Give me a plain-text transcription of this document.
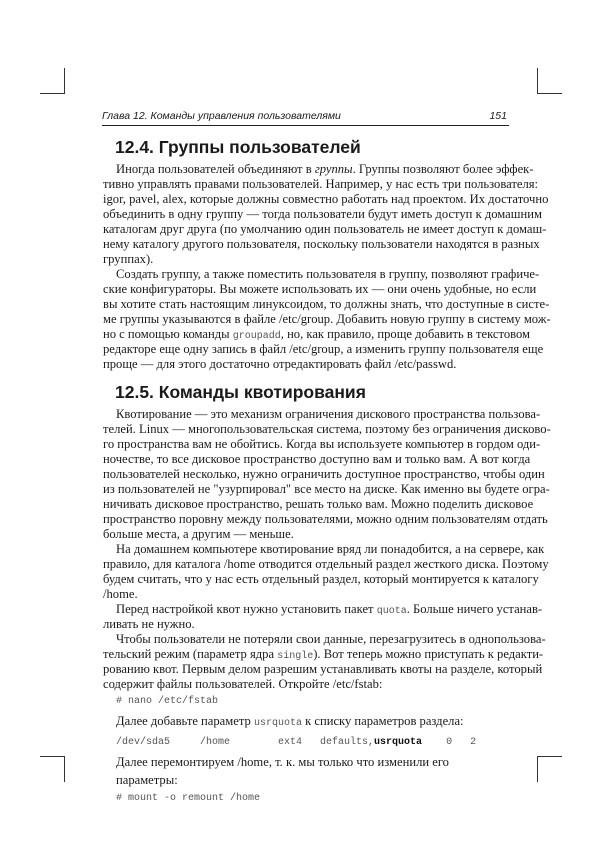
Глава 12. Команды управления пользователями	151
12.4. Группы пользователей
Иногда пользователей объединяют в группы. Группы позволяют более эффек-
тивно управлять правами пользователей. Например, у нас есть три пользователя:
igor, pavel, alex, которые должны совместно работать над проектом. Их достаточно
объединить в одну группу — тогда пользователи будут иметь доступ к домашним
каталогам друг друга (по умолчанию один пользователь не имеет доступ к домаш-
нему каталогу другого пользователя, поскольку пользователи находятся в разных
группах).
Создать группу, а также поместить пользователя в группу, позволяют графиче-
ские конфигураторы. Вы можете использовать их — они очень удобные, но если
вы хотите стать настоящим линуксоидом, то должны знать, что доступные в систе-
ме группы указываются в файле /etc/group. Добавить новую группу в систему мож-
но с помощью команды groupadd, но, как правило, проще добавить в текстовом
редакторе еще одну запись в файл /etc/group, а изменить группу пользователя еще
проще — для этого достаточно отредактировать файл /etc/passwd.
12.5. Команды квотирования
Квотирование — это механизм ограничения дискового пространства пользова-
телей. Linux — многопользовательская система, поэтому без ограничения дисково-
го пространства вам не обойтись. Когда вы используете компьютер в гордом оди-
ночестве, то все дисковое пространство доступно вам и только вам. А вот когда
пользователей несколько, нужно ограничить доступное пространство, чтобы один
из пользователей не "узурпировал" все место на диске. Как именно вы будете огра-
ничивать дисковое пространство, решать только вам. Можно поделить дисковое
пространство поровну между пользователями, можно одним пользователям отдать
больше места, а другим — меньше.
На домашнем компьютере квотирование вряд ли понадобится, а на сервере, как
правило, для каталога /home отводится отдельный раздел жесткого диска. Поэтому
будем считать, что у нас есть отдельный раздел, который монтируется к каталогу
/home.
Перед настройкой квот нужно установить пакет quota. Больше ничего устанав-
ливать не нужно.
Чтобы пользователи не потеряли свои данные, перезагрузитесь в однопользова-
тельский режим (параметр ядра single). Вот теперь можно приступать к редакти-
рованию квот. Первым делом разрешим устанавливать квоты на разделе, который
содержит файлы пользователей. Откройте /etc/fstab:
# nano /etc/fstab
Далее добавьте параметр usrquota к списку параметров раздела:
/dev/sda5     /home        ext4   defaults,usrquota    0   2
Далее перемонтируем /home, т. к. мы только что изменили его параметры:
# mount -o remount /home
